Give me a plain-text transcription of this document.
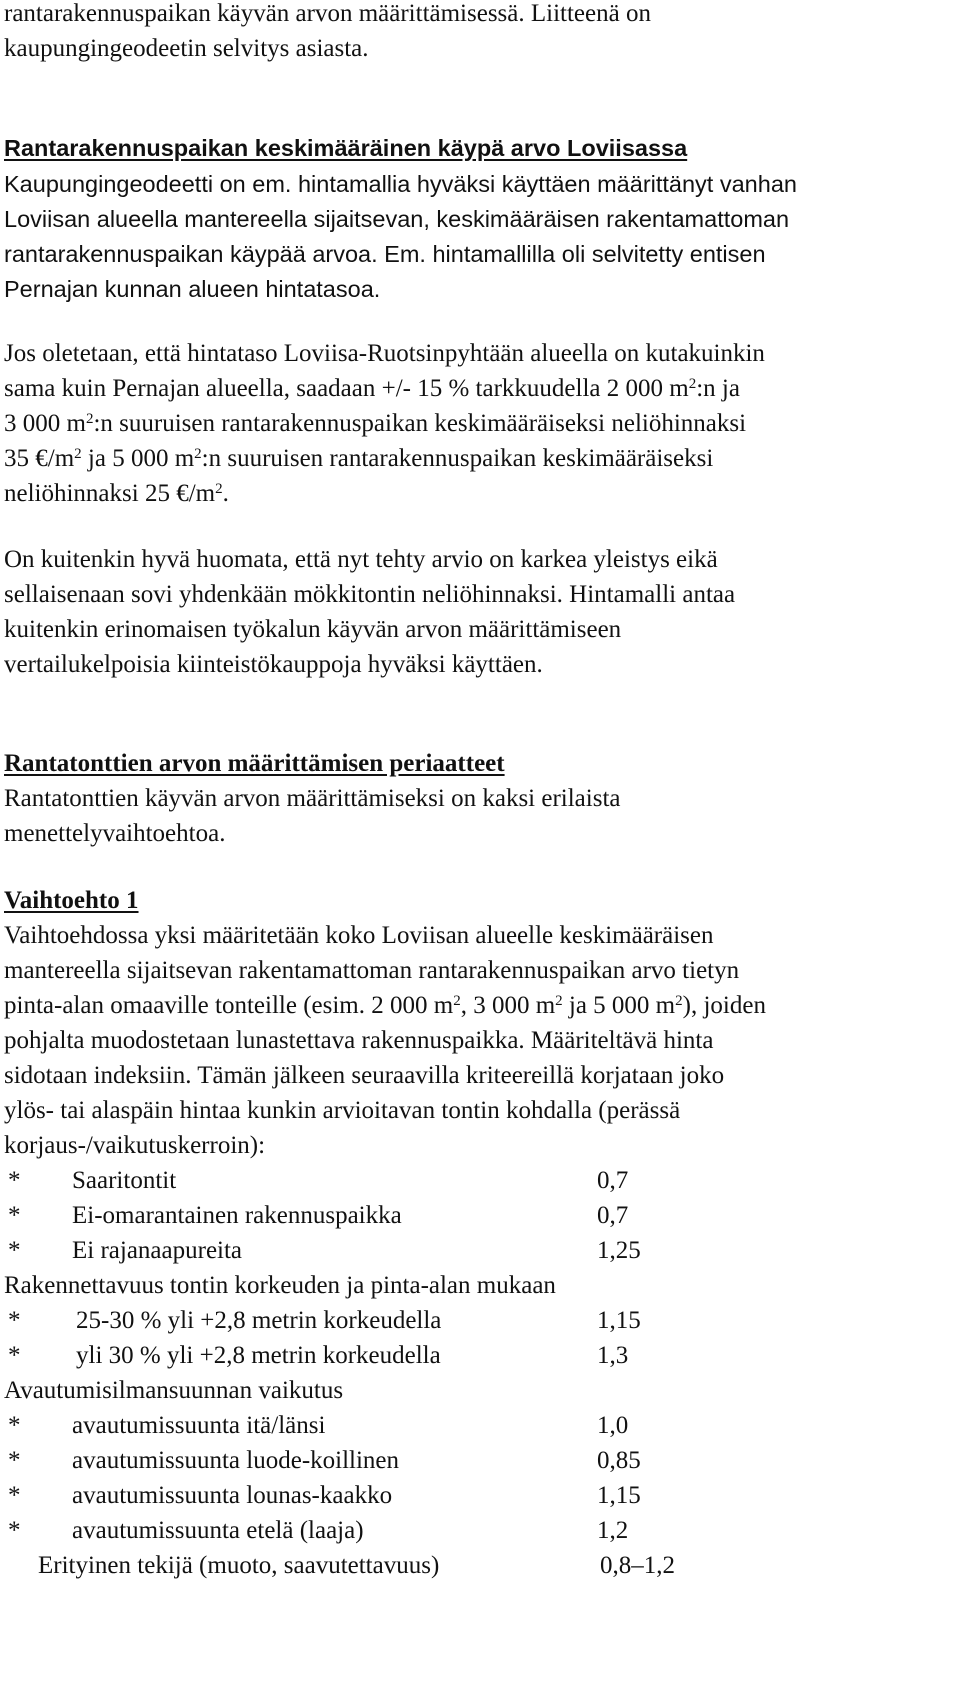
rantarakennuspaikan käyvän arvon määrittämisessä. Liitteenä on

kaupungingeodeetin selvitys asiasta.

Rantarakennuspaikan keskimääräinen käypä arvo Loviisassa

Kaupungingeodeetti on em. hintamallia hyväksi käyttäen määrittänyt vanhan

Loviisan alueella mantereella sijaitsevan, keskimääräisen rakentamattoman

rantarakennuspaikan käypää arvoa. Em. hintamallilla oli selvitetty entisen

Pernajan kunnan alueen hintatasoa.

Jos oletetaan, että hintataso Loviisa-Ruotsinpyhtään alueella on kutakuinkin

sama kuin Pernajan alueella, saadaan +/- 15 % tarkkuudella 2 000 $m^2:n$ ja

3 000 $m^2:n$ suuruisen rantarakennuspaikan keskimääräiseksi neliöhinnaksi

35 $€/m^2$ ja 5 000 $m^2:n$ suuruisen rantarakennuspaikan keskimääräiseksi

neliöhinnaksi 25 $€/m^2$.

On kuitenkin hyvä huomata, että nyt tehty arvio on karkea yleistys eikä

sellaisenaan sovi yhdenkään mökkitontin neliöhinnaksi. Hintamalli antaa

kuitenkin erinomaisen työkalun käyvän arvon määrittämiseen

vertailukelpoisia kiinteistökauppoja hyväksi käyttäen.

Rantatonttien arvon määrittämisen periaatteet

Rantatonttien käyvän arvon määrittämiseksi on kaksi erilaista

menettelyvaihtoehtoa.

Vaihtoehto 1

Vaihtoehdossa yksi määritetään koko Loviisan alueelle keskimääräisen

mantereella sijaitsevan rakentamattoman rantarakennuspaikan arvo tietyn

pinta-alan omaaville tonteille (esim. 2 000 $m^2$, 3 000 $m^2$ ja 5 000 $m^2$), joiden

pohjalta muodostetaan lunastettava rakennuspaikka. Määriteltävä hinta

sidotaan indeksiin. Tämän jälkeen seuraavilla kriteereillä korjataan joko

ylös- tai alaspäin hintaa kunkin arvioitavan tontin kohdalla (perässä

korjaus-/vaikutuskerroin):

* Saaritontit	0,7
* Ei-omarantainen rakennuspaikka	0,7
* Ei rajanaapureita	1,25

Rakennettavuus tontin korkeuden ja pinta-alan mukaan

* 25-30 % yli +2,8 metrin korkeudella	1,15
* yli 30 % yli +2,8 metrin korkeudella	1,3

Avautumisilmansuunnan vaikutus

* avautumissuunta itä/länsi	1,0
* avautumissuunta luode-koillinen	0,85
* avautumissuunta lounas-kaakko	1,15
* avautumissuunta etelä (laaja)	1,2
Erityinen tekijä (muoto, saavutettavuus)	0,8–1,2
